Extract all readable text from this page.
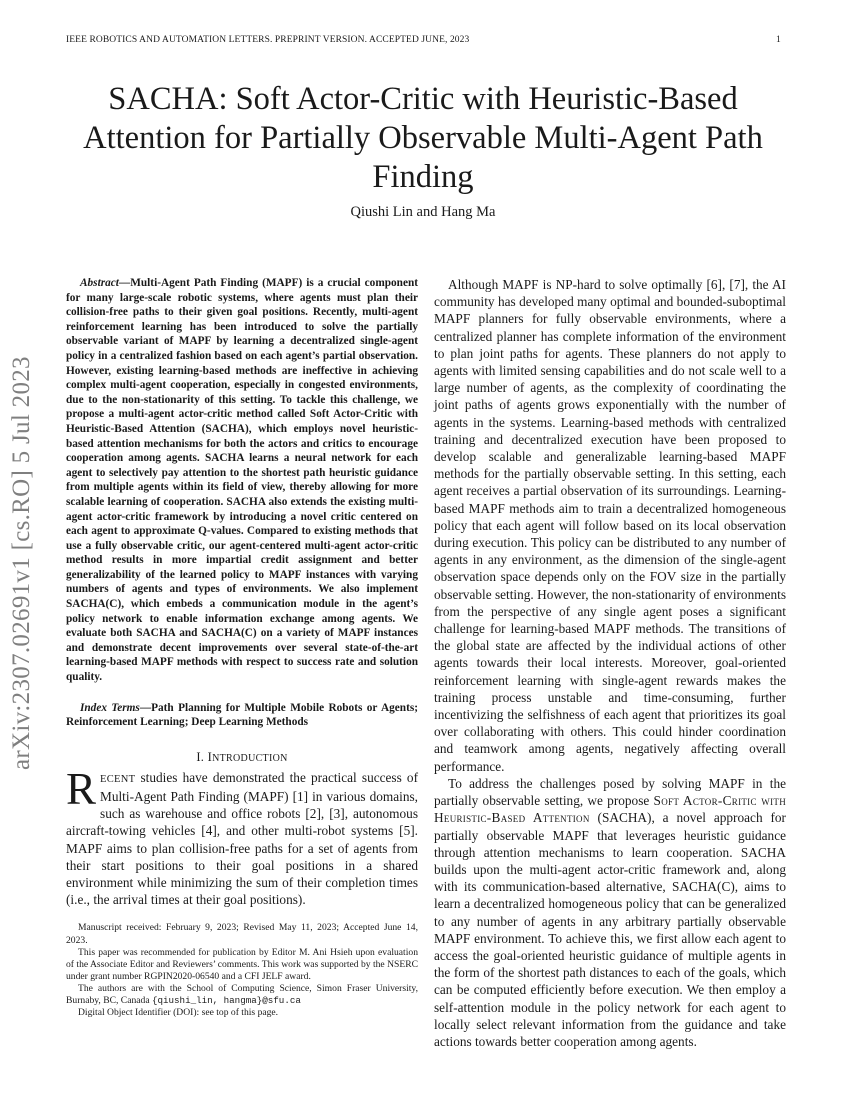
IEEE ROBOTICS AND AUTOMATION LETTERS. PREPRINT VERSION. ACCEPTED JUNE, 2023	1
arXiv:2307.02691v1 [cs.RO] 5 Jul 2023
SACHA: Soft Actor-Critic with Heuristic-Based Attention for Partially Observable Multi-Agent Path Finding
Qiushi Lin and Hang Ma

Abstract—Multi-Agent Path Finding (MAPF) is a crucial component for many large-scale robotic systems, where agents must plan their collision-free paths to their given goal positions. Recently, multi-agent reinforcement learning has been introduced to solve the partially observable variant of MAPF by learning a decentralized single-agent policy in a centralized fashion based on each agent’s partial observation. However, existing learning-based methods are ineffective in achieving complex multi-agent cooperation, especially in congested environments, due to the non-stationarity of this setting. To tackle this challenge, we propose a multi-agent actor-critic method called Soft Actor-Critic with Heuristic-Based Attention (SACHA), which employs novel heuristic-based attention mechanisms for both the actors and critics to encourage cooperation among agents. SACHA learns a neural network for each agent to selectively pay attention to the shortest path heuristic guidance from multiple agents within its field of view, thereby allowing for more scalable learning of cooperation. SACHA also extends the existing multi-agent actor-critic framework by introducing a novel critic centered on each agent to approximate Q-values. Compared to existing methods that use a fully observable critic, our agent-centered multi-agent actor-critic method results in more impartial credit assignment and better generalizability of the learned policy to MAPF instances with varying numbers of agents and types of environments. We also implement SACHA(C), which embeds a communication module in the agent’s policy network to enable information exchange among agents. We evaluate both SACHA and SACHA(C) on a variety of MAPF instances and demonstrate decent improvements over several state-of-the-art learning-based MAPF methods with respect to success rate and solution quality.

Index Terms—Path Planning for Multiple Mobile Robots or Agents; Reinforcement Learning; Deep Learning Methods

I. INTRODUCTION

RECENT studies have demonstrated the practical success of Multi-Agent Path Finding (MAPF) [1] in various domains, such as warehouse and office robots [2], [3], autonomous aircraft-towing vehicles [4], and other multi-robot systems [5]. MAPF aims to plan collision-free paths for a set of agents from their start positions to their goal positions in a shared environment while minimizing the sum of their completion times (i.e., the arrival times at their goal positions).

Manuscript received: February 9, 2023; Revised May 11, 2023; Accepted June 14, 2023.

This paper was recommended for publication by Editor M. Ani Hsieh upon evaluation of the Associate Editor and Reviewers’ comments. This work was supported by the NSERC under grant number RGPIN2020-06540 and a CFI JELF award.

The authors are with the School of Computing Science, Simon Fraser University, Burnaby, BC, Canada {qiushi_lin, hangma}@sfu.ca

Digital Object Identifier (DOI): see top of this page.

Although MAPF is NP-hard to solve optimally [6], [7], the AI community has developed many optimal and bounded-suboptimal MAPF planners for fully observable environments, where a centralized planner has complete information of the environment to plan joint paths for agents. These planners do not apply to agents with limited sensing capabilities and do not scale well to a large number of agents, as the complexity of coordinating the joint paths of agents grows exponentially with the number of agents in the systems. Learning-based methods with centralized training and decentralized execution have been proposed to develop scalable and generalizable learning-based MAPF methods for the partially observable setting. In this setting, each agent receives a partial observation of its surroundings. Learning-based MAPF methods aim to train a decentralized homogeneous policy that each agent will follow based on its local observation during execution. This policy can be distributed to any number of agents in any environment, as the dimension of the single-agent observation space depends only on the FOV size in the partially observable setting. However, the non-stationarity of environments from the perspective of any single agent poses a significant challenge for learning-based MAPF methods. The transitions of the global state are affected by the individual actions of other agents towards their local interests. Moreover, goal-oriented reinforcement learning with single-agent rewards makes the training process unstable and time-consuming, further incentivizing the selfishness of each agent that prioritizes its goal over collaborating with others. This could hinder coordination and teamwork among agents, negatively affecting overall performance.

To address the challenges posed by solving MAPF in the partially observable setting, we propose Soft Actor-Critic with Heuristic-Based Attention (SACHA), a novel approach for partially observable MAPF that leverages heuristic guidance through attention mechanisms to learn cooperation. SACHA builds upon the multi-agent actor-critic framework and, along with its communication-based alternative, SACHA(C), aims to learn a decentralized homogeneous policy that can be generalized to any number of agents in any arbitrary partially observable MAPF environment. To achieve this, we first allow each agent to access the goal-oriented heuristic guidance of multiple agents in the form of the shortest path distances to each of the goals, which can be computed efficiently before execution. We then employ a self-attention module in the policy network for each agent to locally select relevant information from the guidance and take actions towards better cooperation among agents.
